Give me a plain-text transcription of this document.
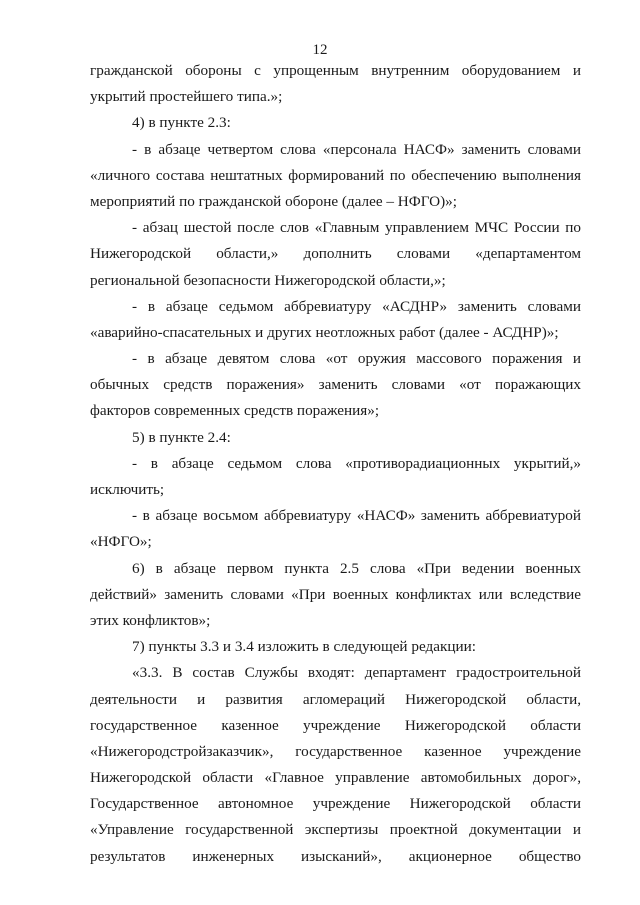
12
гражданской обороны с упрощенным внутренним оборудованием и
укрытий простейшего типа.»;
4) в пункте 2.3:
- в абзаце четвертом слова «персонала НАСФ» заменить словами
«личного состава нештатных формирований по обеспечению выполнения
мероприятий по гражданской обороне (далее – НФГО)»;
- абзац шестой после слов «Главным управлением МЧС России по
Нижегородской области,» дополнить словами «департаментом
региональной безопасности Нижегородской области,»;
- в абзаце седьмом аббревиатуру «АСДНР» заменить словами
«аварийно-спасательных и других неотложных работ (далее - АСДНР)»;
- в абзаце девятом слова «от оружия массового поражения и
обычных средств поражения» заменить словами «от поражающих
факторов современных средств поражения»;
5) в пункте 2.4:
- в абзаце седьмом слова «противорадиационных укрытий,»
исключить;
- в абзаце восьмом аббревиатуру «НАСФ» заменить аббревиатурой
«НФГО»;
6) в абзаце первом пункта 2.5 слова «При ведении военных
действий» заменить словами «При военных конфликтах или вследствие
этих конфликтов»;
7) пункты 3.3 и 3.4 изложить в следующей редакции:
«3.3. В состав Службы входят: департамент градостроительной
деятельности и развития агломераций Нижегородской области,
государственное казенное учреждение Нижегородской области
«Нижегородстройзаказчик», государственное казенное учреждение
Нижегородской области «Главное управление автомобильных дорог»,
Государственное автономное учреждение Нижегородской области
«Управление государственной экспертизы проектной документации и
результатов инженерных изысканий», акционерное общество
